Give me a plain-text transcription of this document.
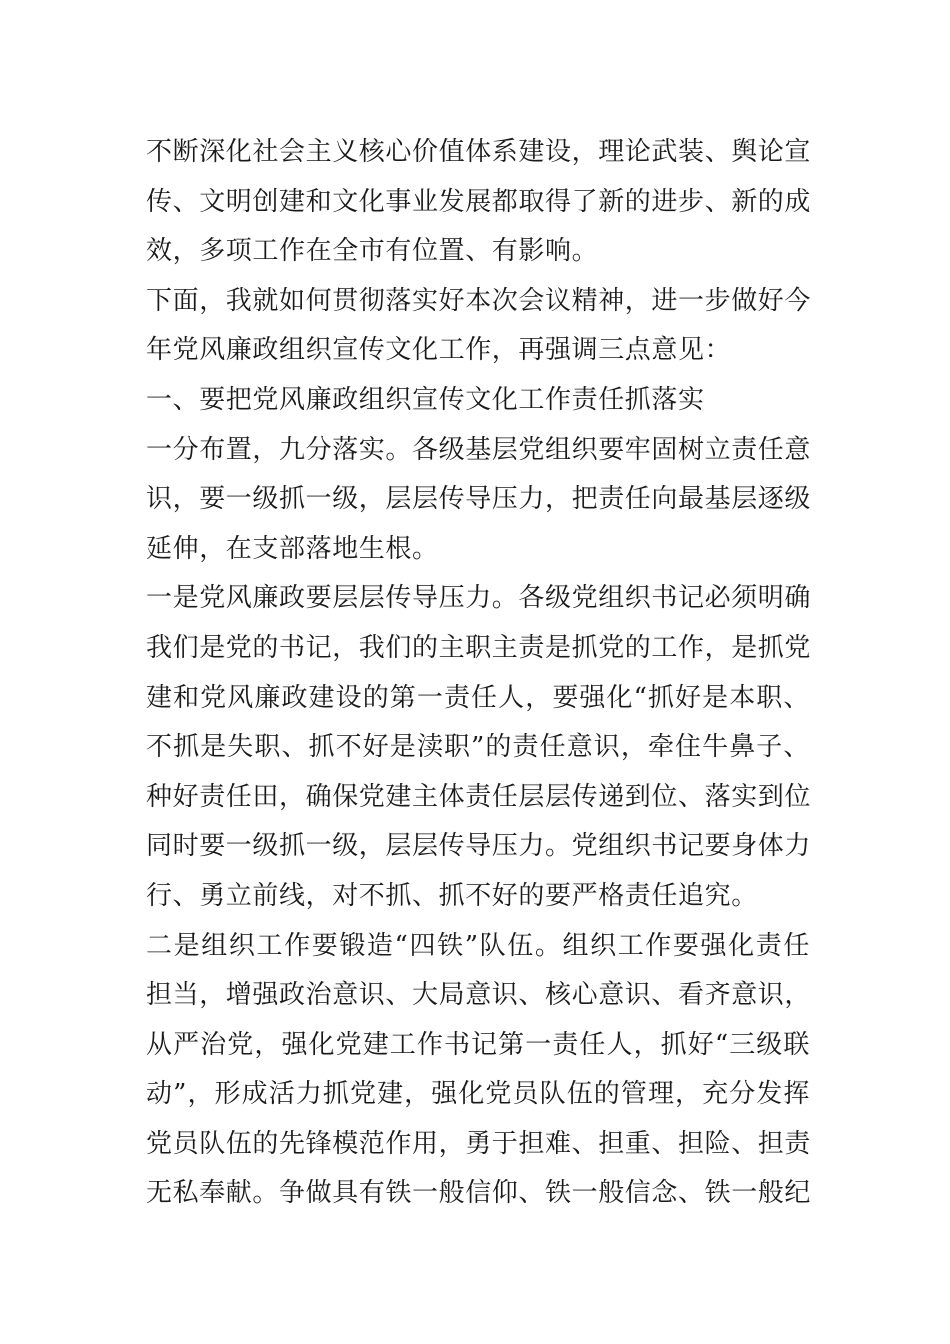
不断深化社会主义核心价值体系建设，理论武装、舆论宣
传、文明创建和文化事业发展都取得了新的进步、新的成
效，多项工作在全市有位置、有影响。
下面，我就如何贯彻落实好本次会议精神，进一步做好今
年党风廉政组织宣传文化工作，再强调三点意见：
一、要把党风廉政组织宣传文化工作责任抓落实
一分布置，九分落实。各级基层党组织要牢固树立责任意
识，要一级抓一级，层层传导压力，把责任向最基层逐级
延伸，在支部落地生根。
一是党风廉政要层层传导压力。各级党组织书记必须明确
我们是党的书记，我们的主职主责是抓党的工作，是抓党
建和党风廉政建设的第一责任人，要强化“抓好是本职、
不抓是失职、抓不好是渎职”的责任意识，牵住牛鼻子、
种好责任田，确保党建主体责任层层传递到位、落实到位
同时要一级抓一级，层层传导压力。党组织书记要身体力
行、勇立前线，对不抓、抓不好的要严格责任追究。
二是组织工作要锻造“四铁”队伍。组织工作要强化责任
担当，增强政治意识、大局意识、核心意识、看齐意识，
从严治党，强化党建工作书记第一责任人，抓好“三级联
动”，形成活力抓党建，强化党员队伍的管理，充分发挥
党员队伍的先锋模范作用，勇于担难、担重、担险、担责
无私奉献。争做具有铁一般信仰、铁一般信念、铁一般纪
